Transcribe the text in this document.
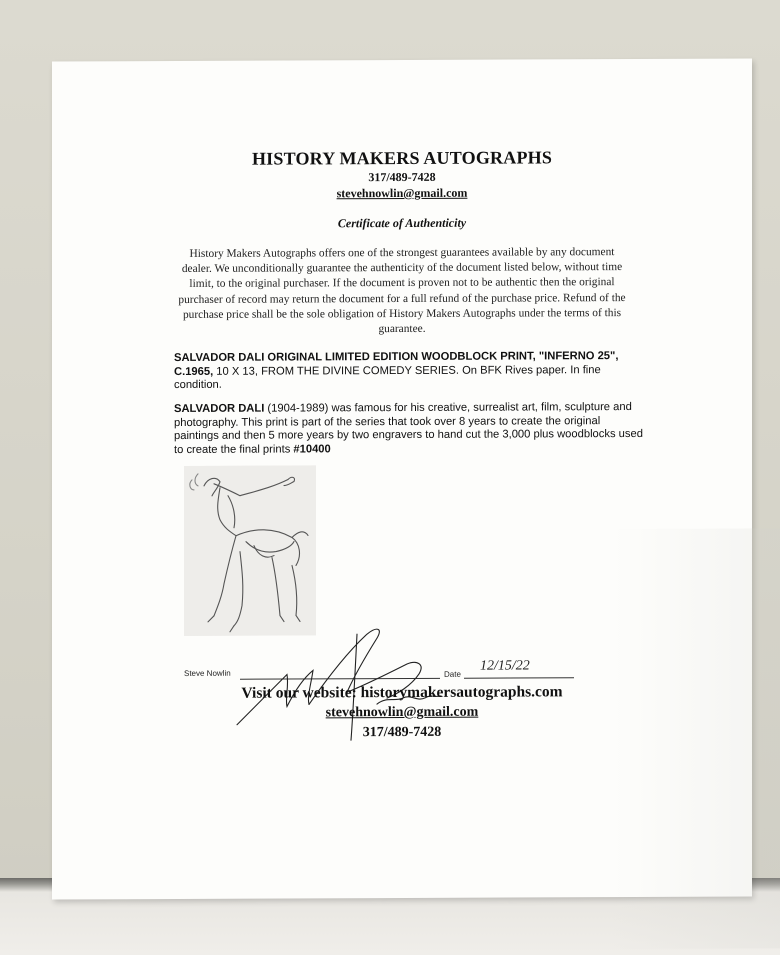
HISTORY MAKERS AUTOGRAPHS
317/489-7428
stevehnowlin@gmail.com
Certificate of Authenticity
History Makers Autographs offers one of the strongest guarantees available by any document dealer. We unconditionally guarantee the authenticity of the document listed below, without time limit, to the original purchaser. If the document is proven not to be authentic then the original purchaser of record may return the document for a full refund of the purchase price. Refund of the purchase price shall be the sole obligation of History Makers Autographs under the terms of this guarantee.
SALVADOR DALI ORIGINAL LIMITED EDITION WOODBLOCK PRINT, "INFERNO 25", C.1965, 10 X 13, FROM THE DIVINE COMEDY SERIES. On BFK Rives paper. In fine condition.
SALVADOR DALI (1904-1989) was famous for his creative, surrealist art, film, sculpture and photography. This print is part of the series that took over 8 years to create the original paintings and then 5 more years by two engravers to hand cut the 3,000 plus woodblocks used to create the final prints #10400
Steve Nowlin	Date
12/15/22
Visit our website: historymakersautographs.com
stevehnowlin@gmail.com
317/489-7428
